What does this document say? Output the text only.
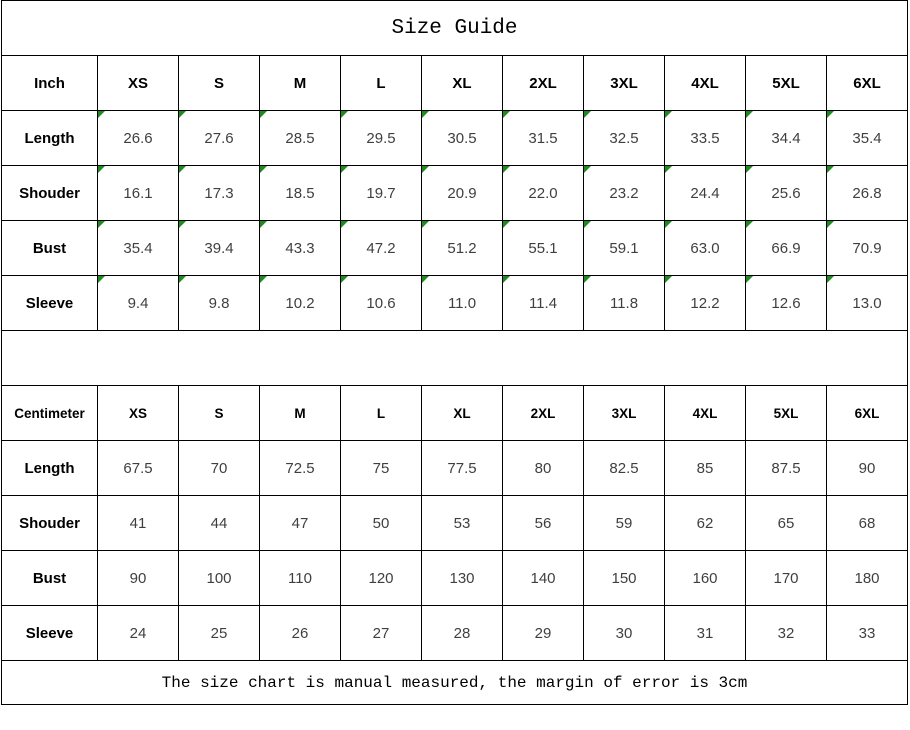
Size Guide										
Inch	XS	S	M	L	XL	2XL	3XL	4XL	5XL	6XL
Length	26.6	27.6	28.5	29.5	30.5	31.5	32.5	33.5	34.4	35.4
Shouder	16.1	17.3	18.5	19.7	20.9	22.0	23.2	24.4	25.6	26.8
Bust	35.4	39.4	43.3	47.2	51.2	55.1	59.1	63.0	66.9	70.9
Sleeve	9.4	9.8	10.2	10.6	11.0	11.4	11.8	12.2	12.6	13.0

Centimeter	XS	S	M	L	XL	2XL	3XL	4XL	5XL	6XL
Length	67.5	70	72.5	75	77.5	80	82.5	85	87.5	90
Shouder	41	44	47	50	53	56	59	62	65	68
Bust	90	100	110	120	130	140	150	160	170	180
Sleeve	24	25	26	27	28	29	30	31	32	33
The size chart is manual measured, the margin of error is 3cm										
